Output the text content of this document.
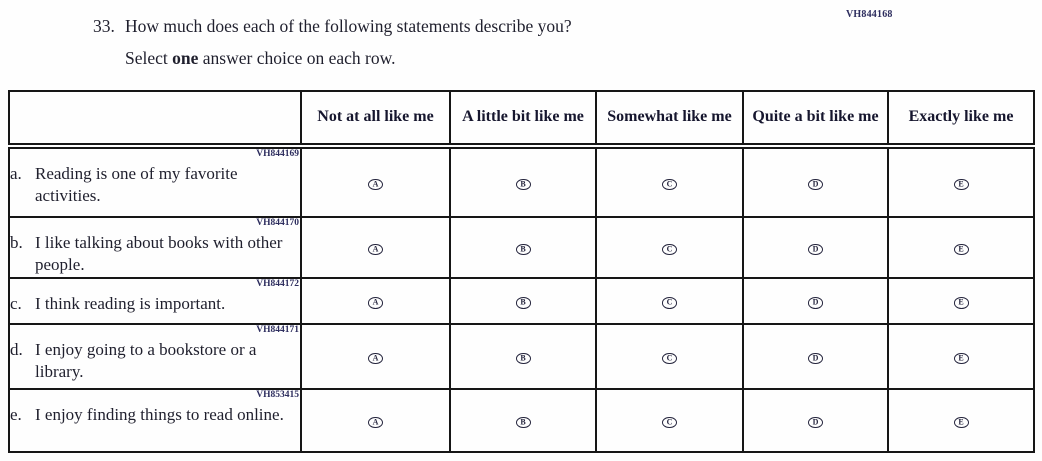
VH844168
33. How much does each of the following statements describe you?
Select one answer choice on each row.
	Not at all like me	A little bit like me	Somewhat like me	Quite a bit like me	Exactly like me

VH844169
a. Reading is one of my favorite activities.	A	B	C	D	E

VH844170
b. I like talking about books with other people.	A	B	C	D	E

VH844172
c. I think reading is important.	A	B	C	D	E

VH844171
d. I enjoy going to a bookstore or a library.	A	B	C	D	E

VH853415
e. I enjoy finding things to read online.	A	B	C	D	E
